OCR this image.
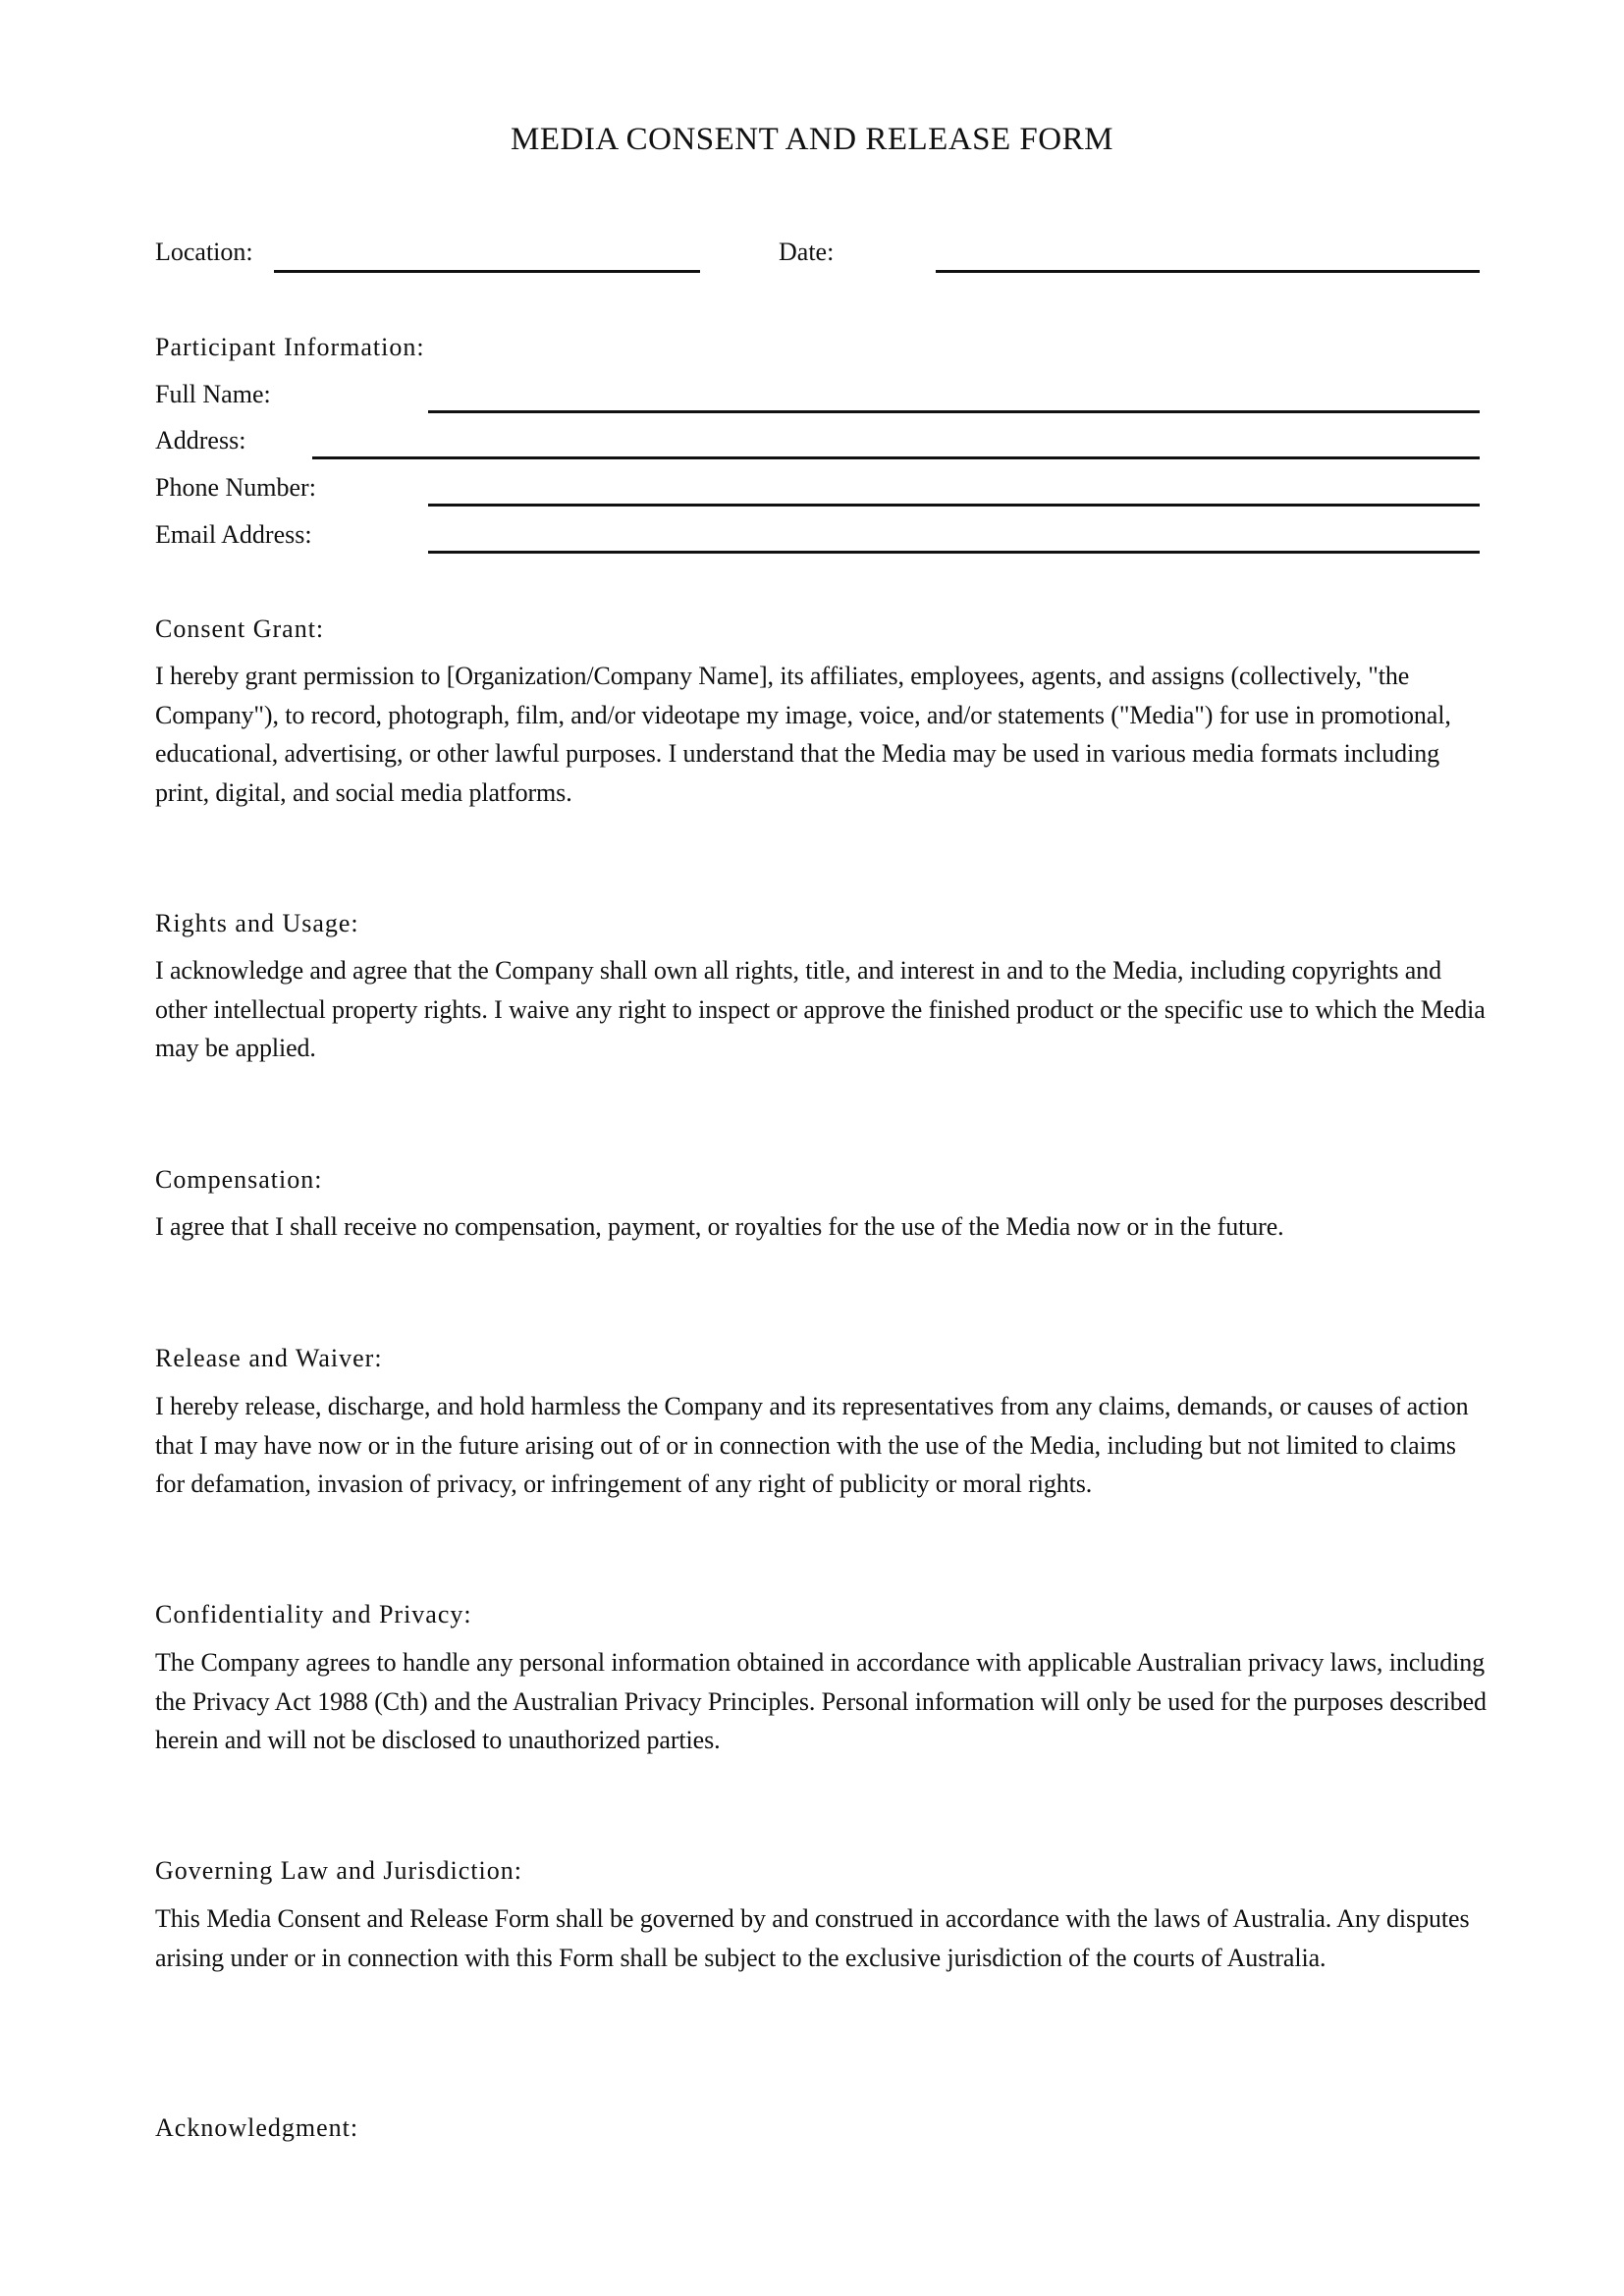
MEDIA CONSENT AND RELEASE FORM
Location:	Date:
Participant Information:
Full Name:
Address:
Phone Number:
Email Address:
Consent Grant:
I hereby grant permission to [Organization/Company Name], its affiliates, employees, agents, and assigns (collectively, "the Company"), to record, photograph, film, and/or videotape my image, voice, and/or statements ("Media") for use in promotional, educational, advertising, or other lawful purposes. I understand that the Media may be used in various media formats including print, digital, and social media platforms.
Rights and Usage:
I acknowledge and agree that the Company shall own all rights, title, and interest in and to the Media, including copyrights and other intellectual property rights. I waive any right to inspect or approve the finished product or the specific use to which the Media may be applied.
Compensation:
I agree that I shall receive no compensation, payment, or royalties for the use of the Media now or in the future.
Release and Waiver:
I hereby release, discharge, and hold harmless the Company and its representatives from any claims, demands, or causes of action that I may have now or in the future arising out of or in connection with the use of the Media, including but not limited to claims for defamation, invasion of privacy, or infringement of any right of publicity or moral rights.
Confidentiality and Privacy:
The Company agrees to handle any personal information obtained in accordance with applicable Australian privacy laws, including the Privacy Act 1988 (Cth) and the Australian Privacy Principles. Personal information will only be used for the purposes described herein and will not be disclosed to unauthorized parties.
Governing Law and Jurisdiction:
This Media Consent and Release Form shall be governed by and construed in accordance with the laws of Australia. Any disputes arising under or in connection with this Form shall be subject to the exclusive jurisdiction of the courts of Australia.
Acknowledgment:
